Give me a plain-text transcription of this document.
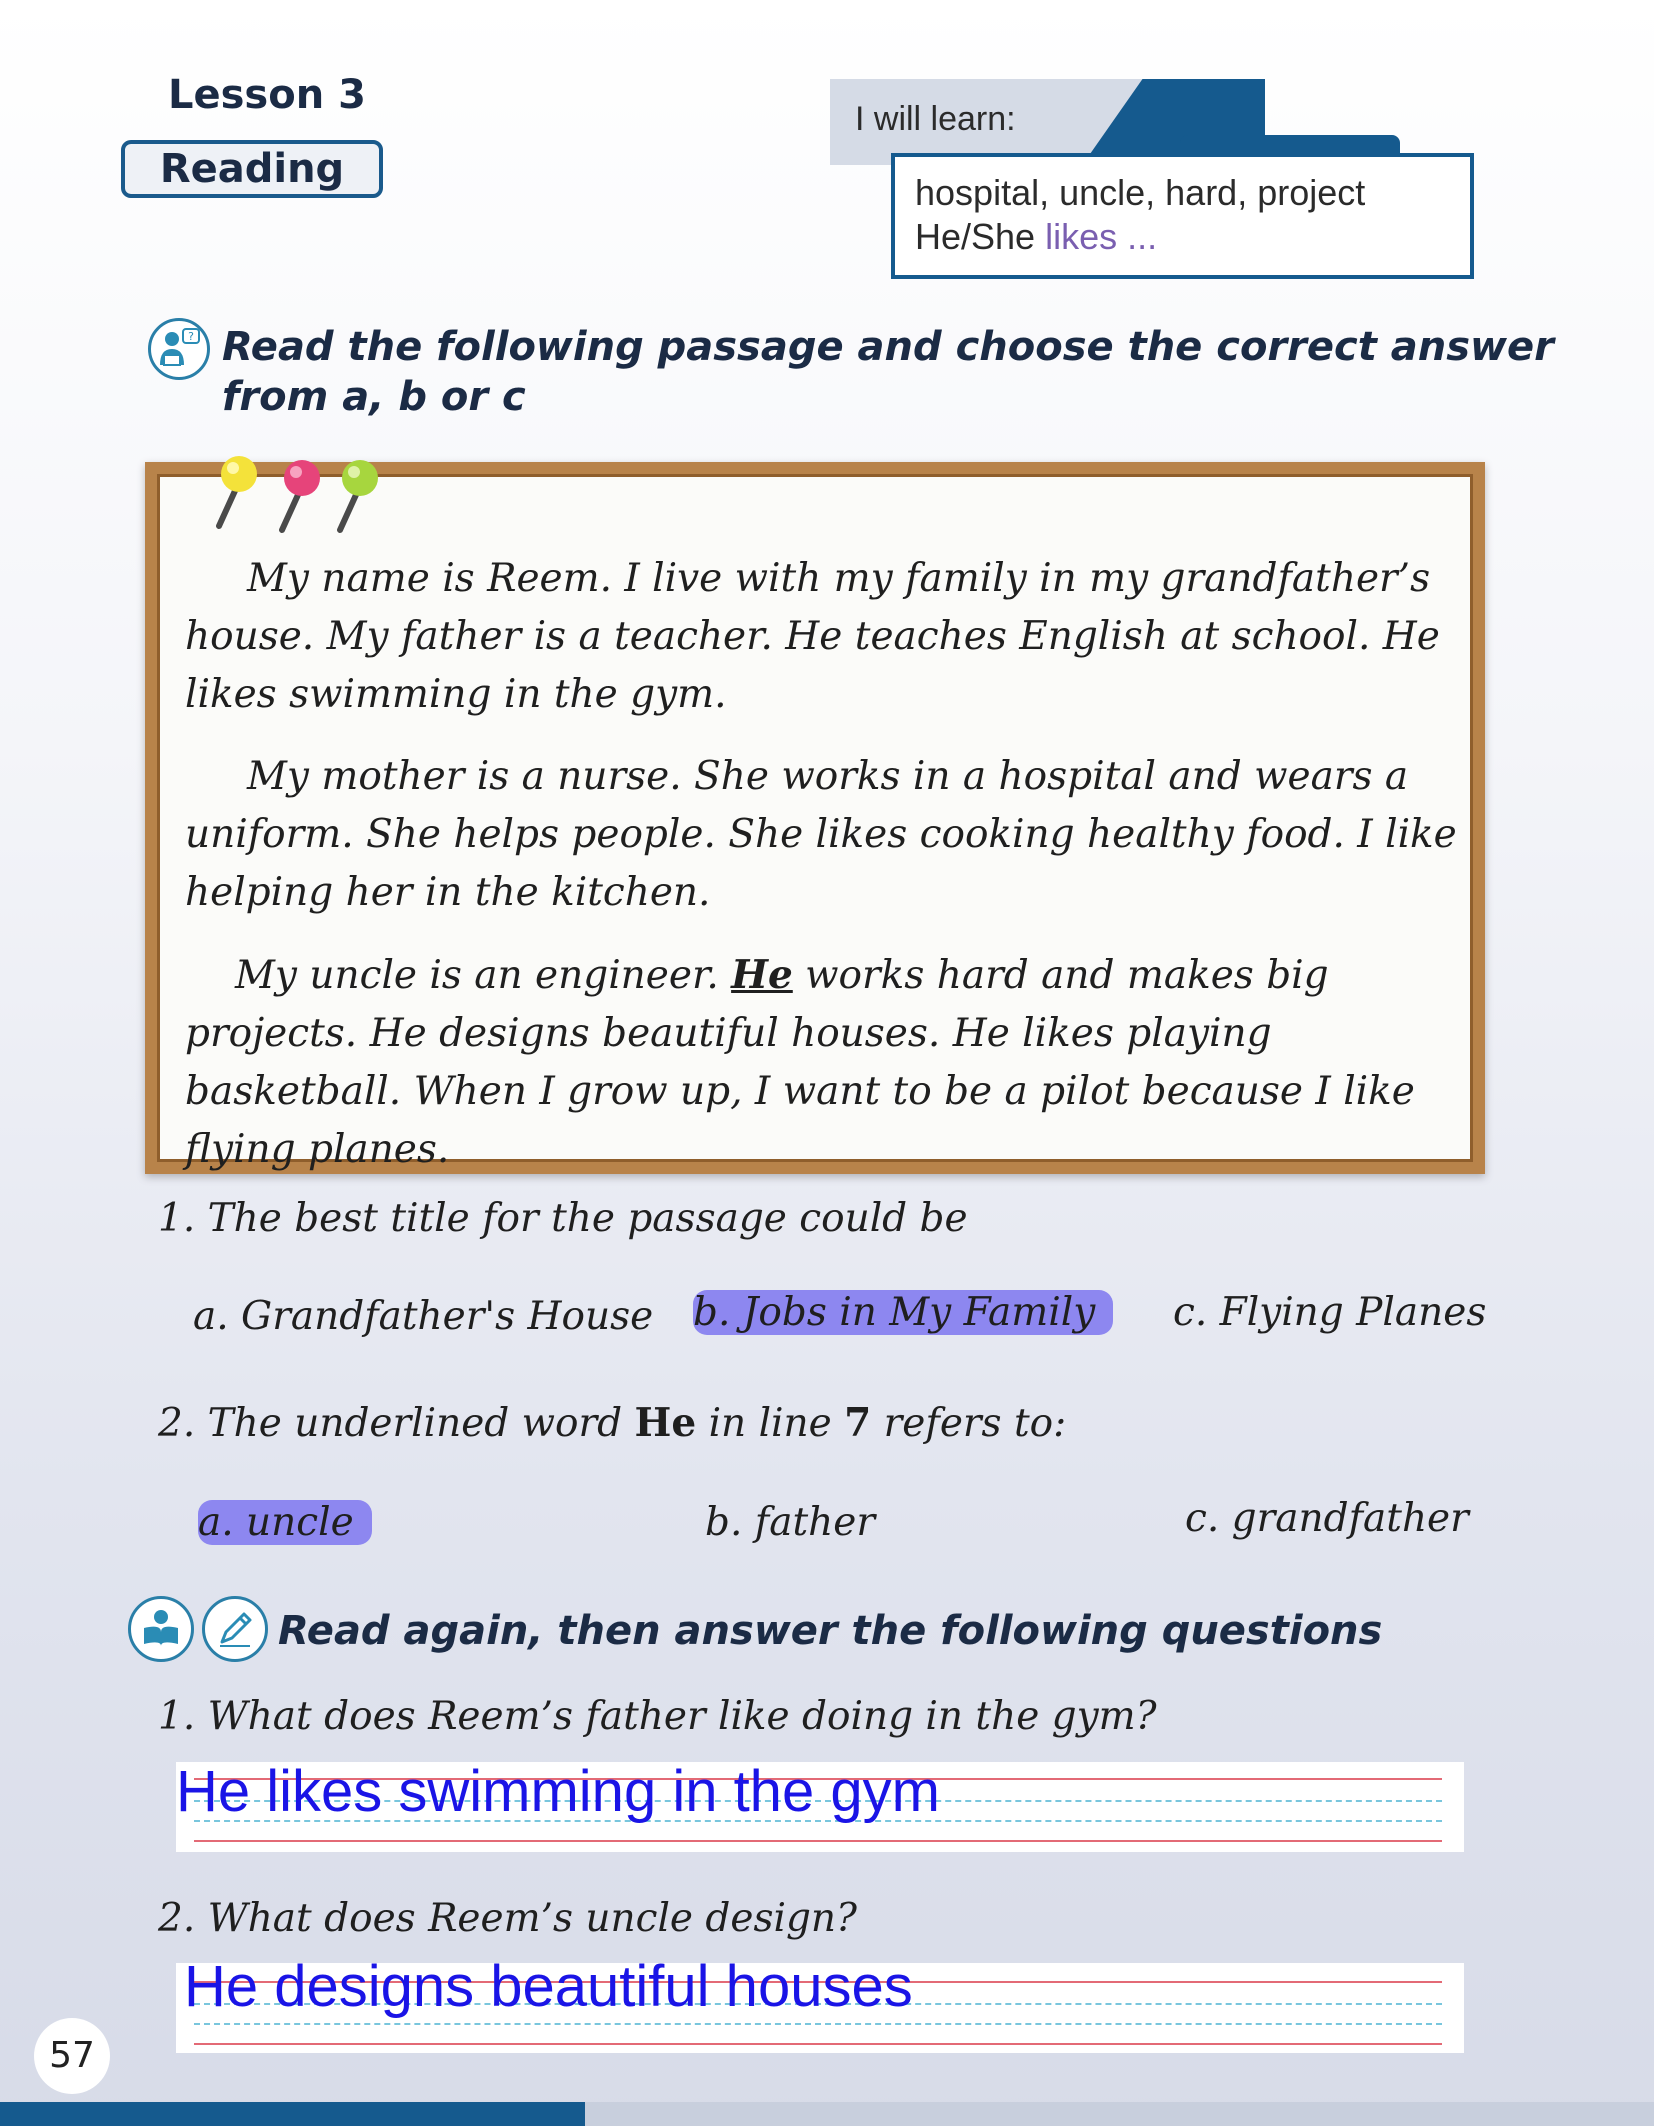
Lesson 3
Reading
I will learn:
hospital, uncle, hard, project
He/She likes ...
? Read the following passage and choose the correct answer
from a, b or c

My name is Reem. I live with my family in my grandfather’s house. My father is a teacher. He teaches English at school. He likes swimming in the gym.

My mother is a nurse. She works in a hospital and wears a uniform. She helps people. She likes cooking healthy food. I like helping her in the kitchen.

My uncle is an engineer. He works hard and makes big projects. He designs beautiful houses. He likes playing basketball. When I grow up, I want to be a pilot because I like flying planes.

1. The best title for the passage could be
a. Grandfather's House b. Jobs in My Family	c. Flying Planes
2. The underlined word He in line 7 refers to:
a. uncle	b. father	c. grandfather
Read again, then answer the following questions
1. What does Reem’s father like doing in the gym?
He likes swimming in the gym
2. What does Reem’s uncle design?
He designs beautiful houses
57
